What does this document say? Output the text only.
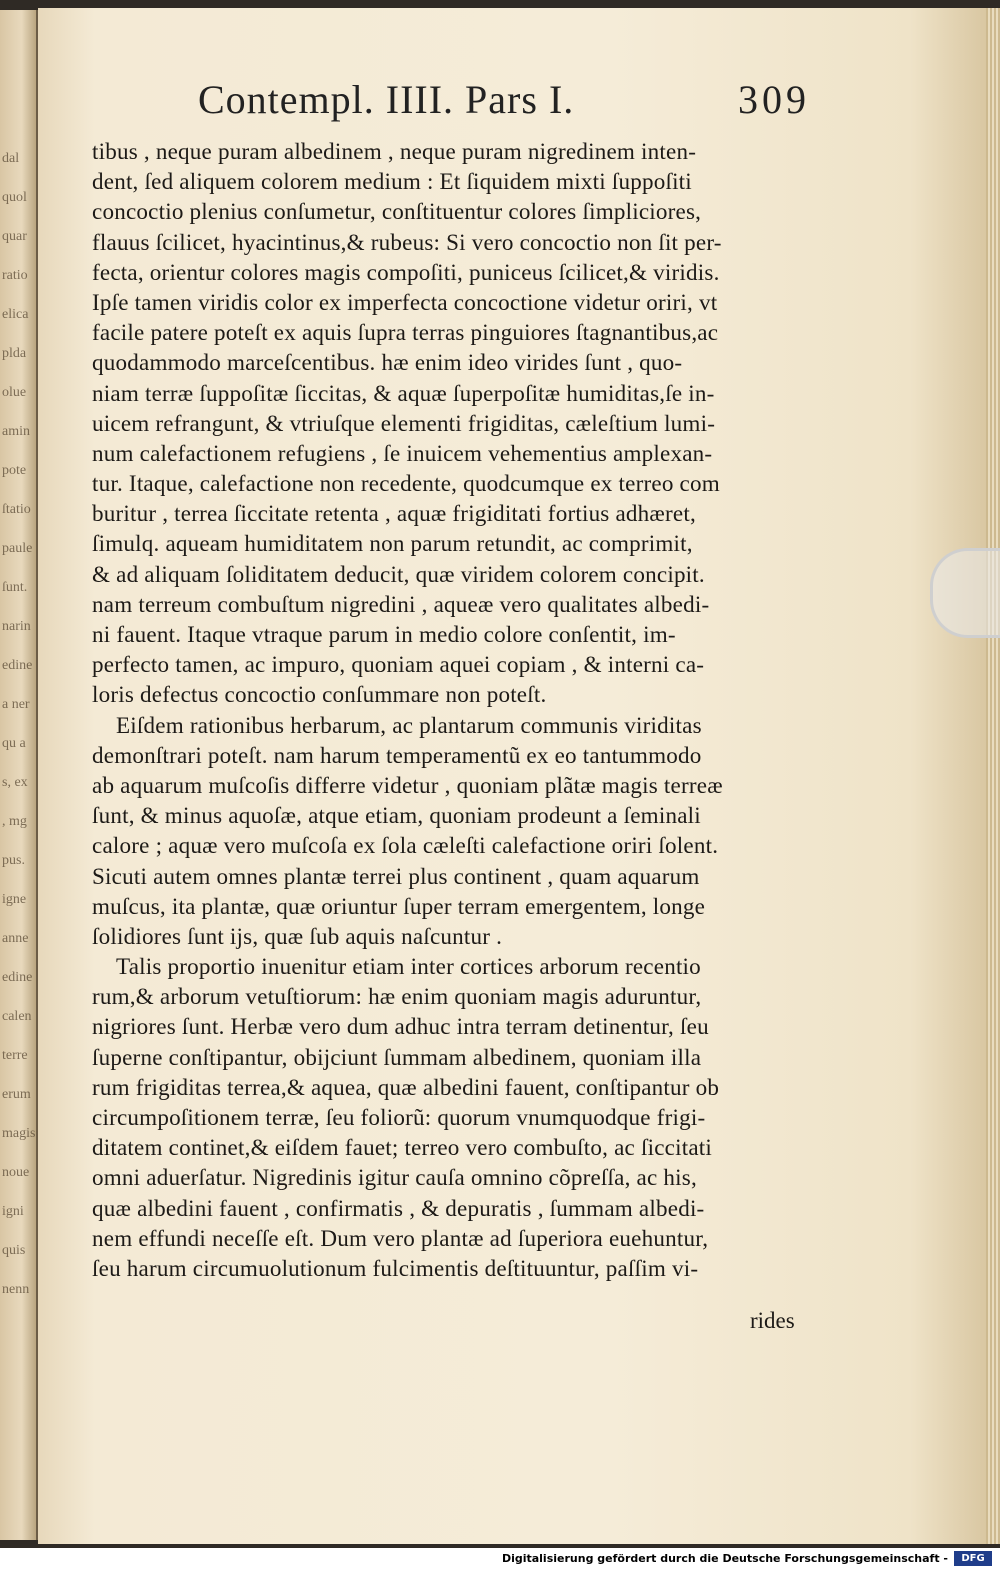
dal
quol
quar
ratio
elica
plda
olue
amin
pote
ſtatio
paule
ſunt.
narin
edine
a ner
qu a
s, ex
, mg
pus.
igne
anne
edine
calen
terre
erum
magis
noue
igni
quis
nenn
Contempl. IIII. Pars I.	309
tibus , neque puram albedinem , neque puram nigredinem inten-
dent, ſed aliquem colorem medium : Et ſiquidem mixti ſuppoſiti
concoctio plenius conſumetur, conſtituentur colores ſimpliciores,
flauus ſcilicet, hyacintinus,& rubeus: Si vero concoctio non ſit per-
fecta, orientur colores magis compoſiti, puniceus ſcilicet,& viridis.
Ipſe tamen viridis color ex imperfecta concoctione videtur oriri, vt
facile patere poteſt ex aquis ſupra terras pinguiores ſtagnantibus,ac
quodammodo marceſcentibus. hæ enim ideo virides ſunt , quo-
niam terræ ſuppoſitæ ſiccitas, & aquæ ſuperpoſitæ humiditas,ſe in-
uicem refrangunt, & vtriuſque elementi frigiditas, cæleſtium lumi-
num calefactionem refugiens , ſe inuicem vehementius amplexan-
tur. Itaque, calefactione non recedente, quodcumque ex terreo com
buritur , terrea ſiccitate retenta , aquæ frigiditati fortius adhæret,
ſimulq. aqueam humiditatem non parum retundit, ac comprimit,
& ad aliquam ſoliditatem deducit, quæ viridem colorem concipit.
nam terreum combuſtum nigredini , aqueæ vero qualitates albedi-
ni fauent. Itaque vtraque parum in medio colore conſentit, im-
perfecto tamen, ac impuro, quoniam aquei copiam , & interni ca-
loris defectus concoctio conſummare non poteſt.
Eiſdem rationibus herbarum, ac plantarum communis viriditas
demonſtrari poteſt. nam harum temperamentũ ex eo tantummodo
ab aquarum muſcoſis differre videtur , quoniam plãtæ magis terreæ
ſunt, & minus aquoſæ, atque etiam, quoniam prodeunt a ſeminali
calore ; aquæ vero muſcoſa ex ſola cæleſti calefactione oriri ſolent.
Sicuti autem omnes plantæ terrei plus continent , quam aquarum
muſcus, ita plantæ, quæ oriuntur ſuper terram emergentem, longe
ſolidiores ſunt ijs, quæ ſub aquis naſcuntur .
Talis proportio inuenitur etiam inter cortices arborum recentio
rum,& arborum vetuſtiorum: hæ enim quoniam magis aduruntur,
nigriores ſunt. Herbæ vero dum adhuc intra terram detinentur, ſeu
ſuperne conſtipantur, obijciunt ſummam albedinem, quoniam illa
rum frigiditas terrea,& aquea, quæ albedini fauent, conſtipantur ob
circumpoſitionem terræ, ſeu foliorũ: quorum vnumquodque frigi-
ditatem continet,& eiſdem fauet; terreo vero combuſto, ac ſiccitati
omni aduerſatur. Nigredinis igitur cauſa omnino cõpreſſa, ac his,
quæ albedini fauent , confirmatis , & depuratis , ſummam albedi-
nem effundi neceſſe eſt. Dum vero plantæ ad ſuperiora euehuntur,
ſeu harum circumuolutionum fulcimentis deſtituuntur, paſſim vi-
rides
Digitalisierung gefördert durch die Deutsche Forschungsgemeinschaft -	DFG
